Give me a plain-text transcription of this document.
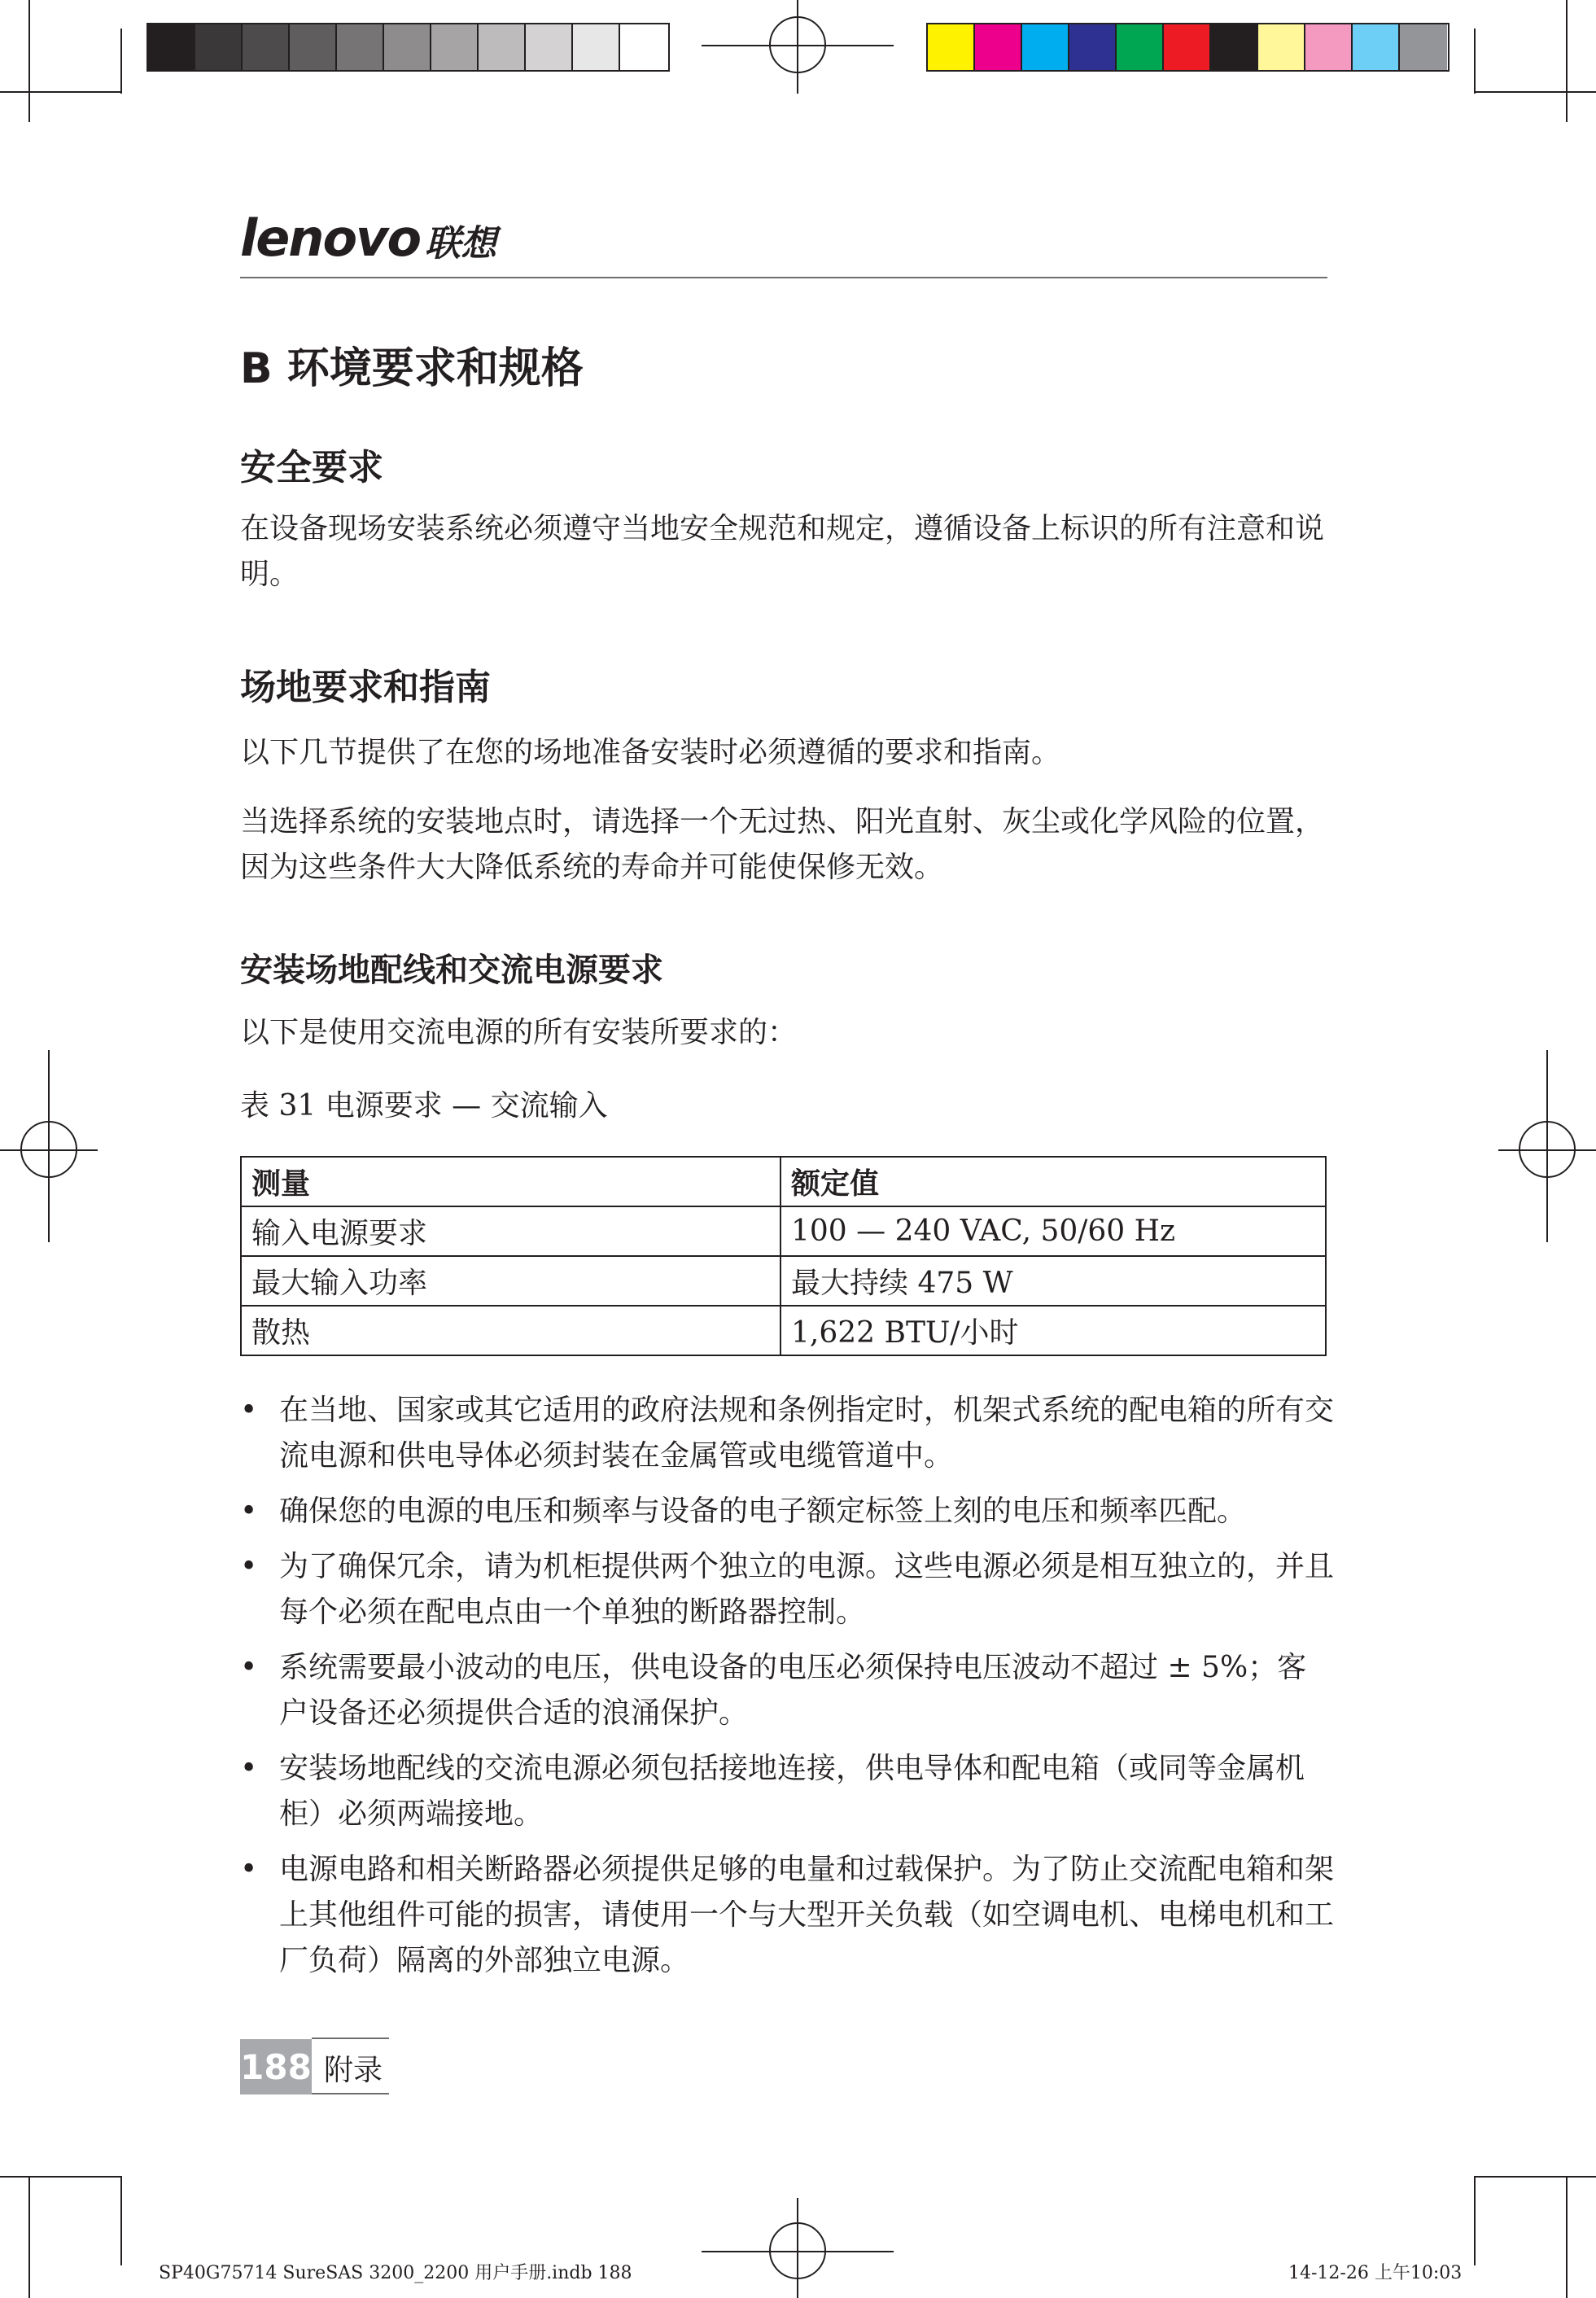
lenovo 联想
B 环境要求和规格
安全要求

在设备现场安装系统必须遵守当地安全规范和规定，遵循设备上标识的所有注意和说明。

场地要求和指南

以下几节提供了在您的场地准备安装时必须遵循的要求和指南。

当选择系统的安装地点时，请选择一个无过热、阳光直射、灰尘或化学风险的位置，因为这些条件大大降低系统的寿命并可能使保修无效。

安装场地配线和交流电源要求

以下是使用交流电源的所有安装所要求的：

表 31 电源要求 — 交流输入

测量	额定值
输入电源要求	100 — 240 VAC, 50/60 Hz
最大输入功率	最大持续 475 W
散热	1,622 BTU/小时
• 在当地、国家或其它适用的政府法规和条例指定时，机架式系统的配电箱的所有交流电源和供电导体必须封装在金属管或电缆管道中。
• 确保您的电源的电压和频率与设备的电子额定标签上刻的电压和频率匹配。
• 为了确保冗余，请为机柜提供两个独立的电源。这些电源必须是相互独立的，并且每个必须在配电点由一个单独的断路器控制。
• 系统需要最小波动的电压，供电设备的电压必须保持电压波动不超过 ± 5%；客户设备还必须提供合适的浪涌保护。
• 安装场地配线的交流电源必须包括接地连接，供电导体和配电箱（或同等金属机柜）必须两端接地。
• 电源电路和相关断路器必须提供足够的电量和过载保护。为了防止交流配电箱和架上其他组件可能的损害，请使用一个与大型开关负载（如空调电机、电梯电机和工厂负荷）隔离的外部独立电源。
188 附录
SP40G75714 SureSAS 3200_2200 用户手册.indb 188	14-12-26 上午10:03
